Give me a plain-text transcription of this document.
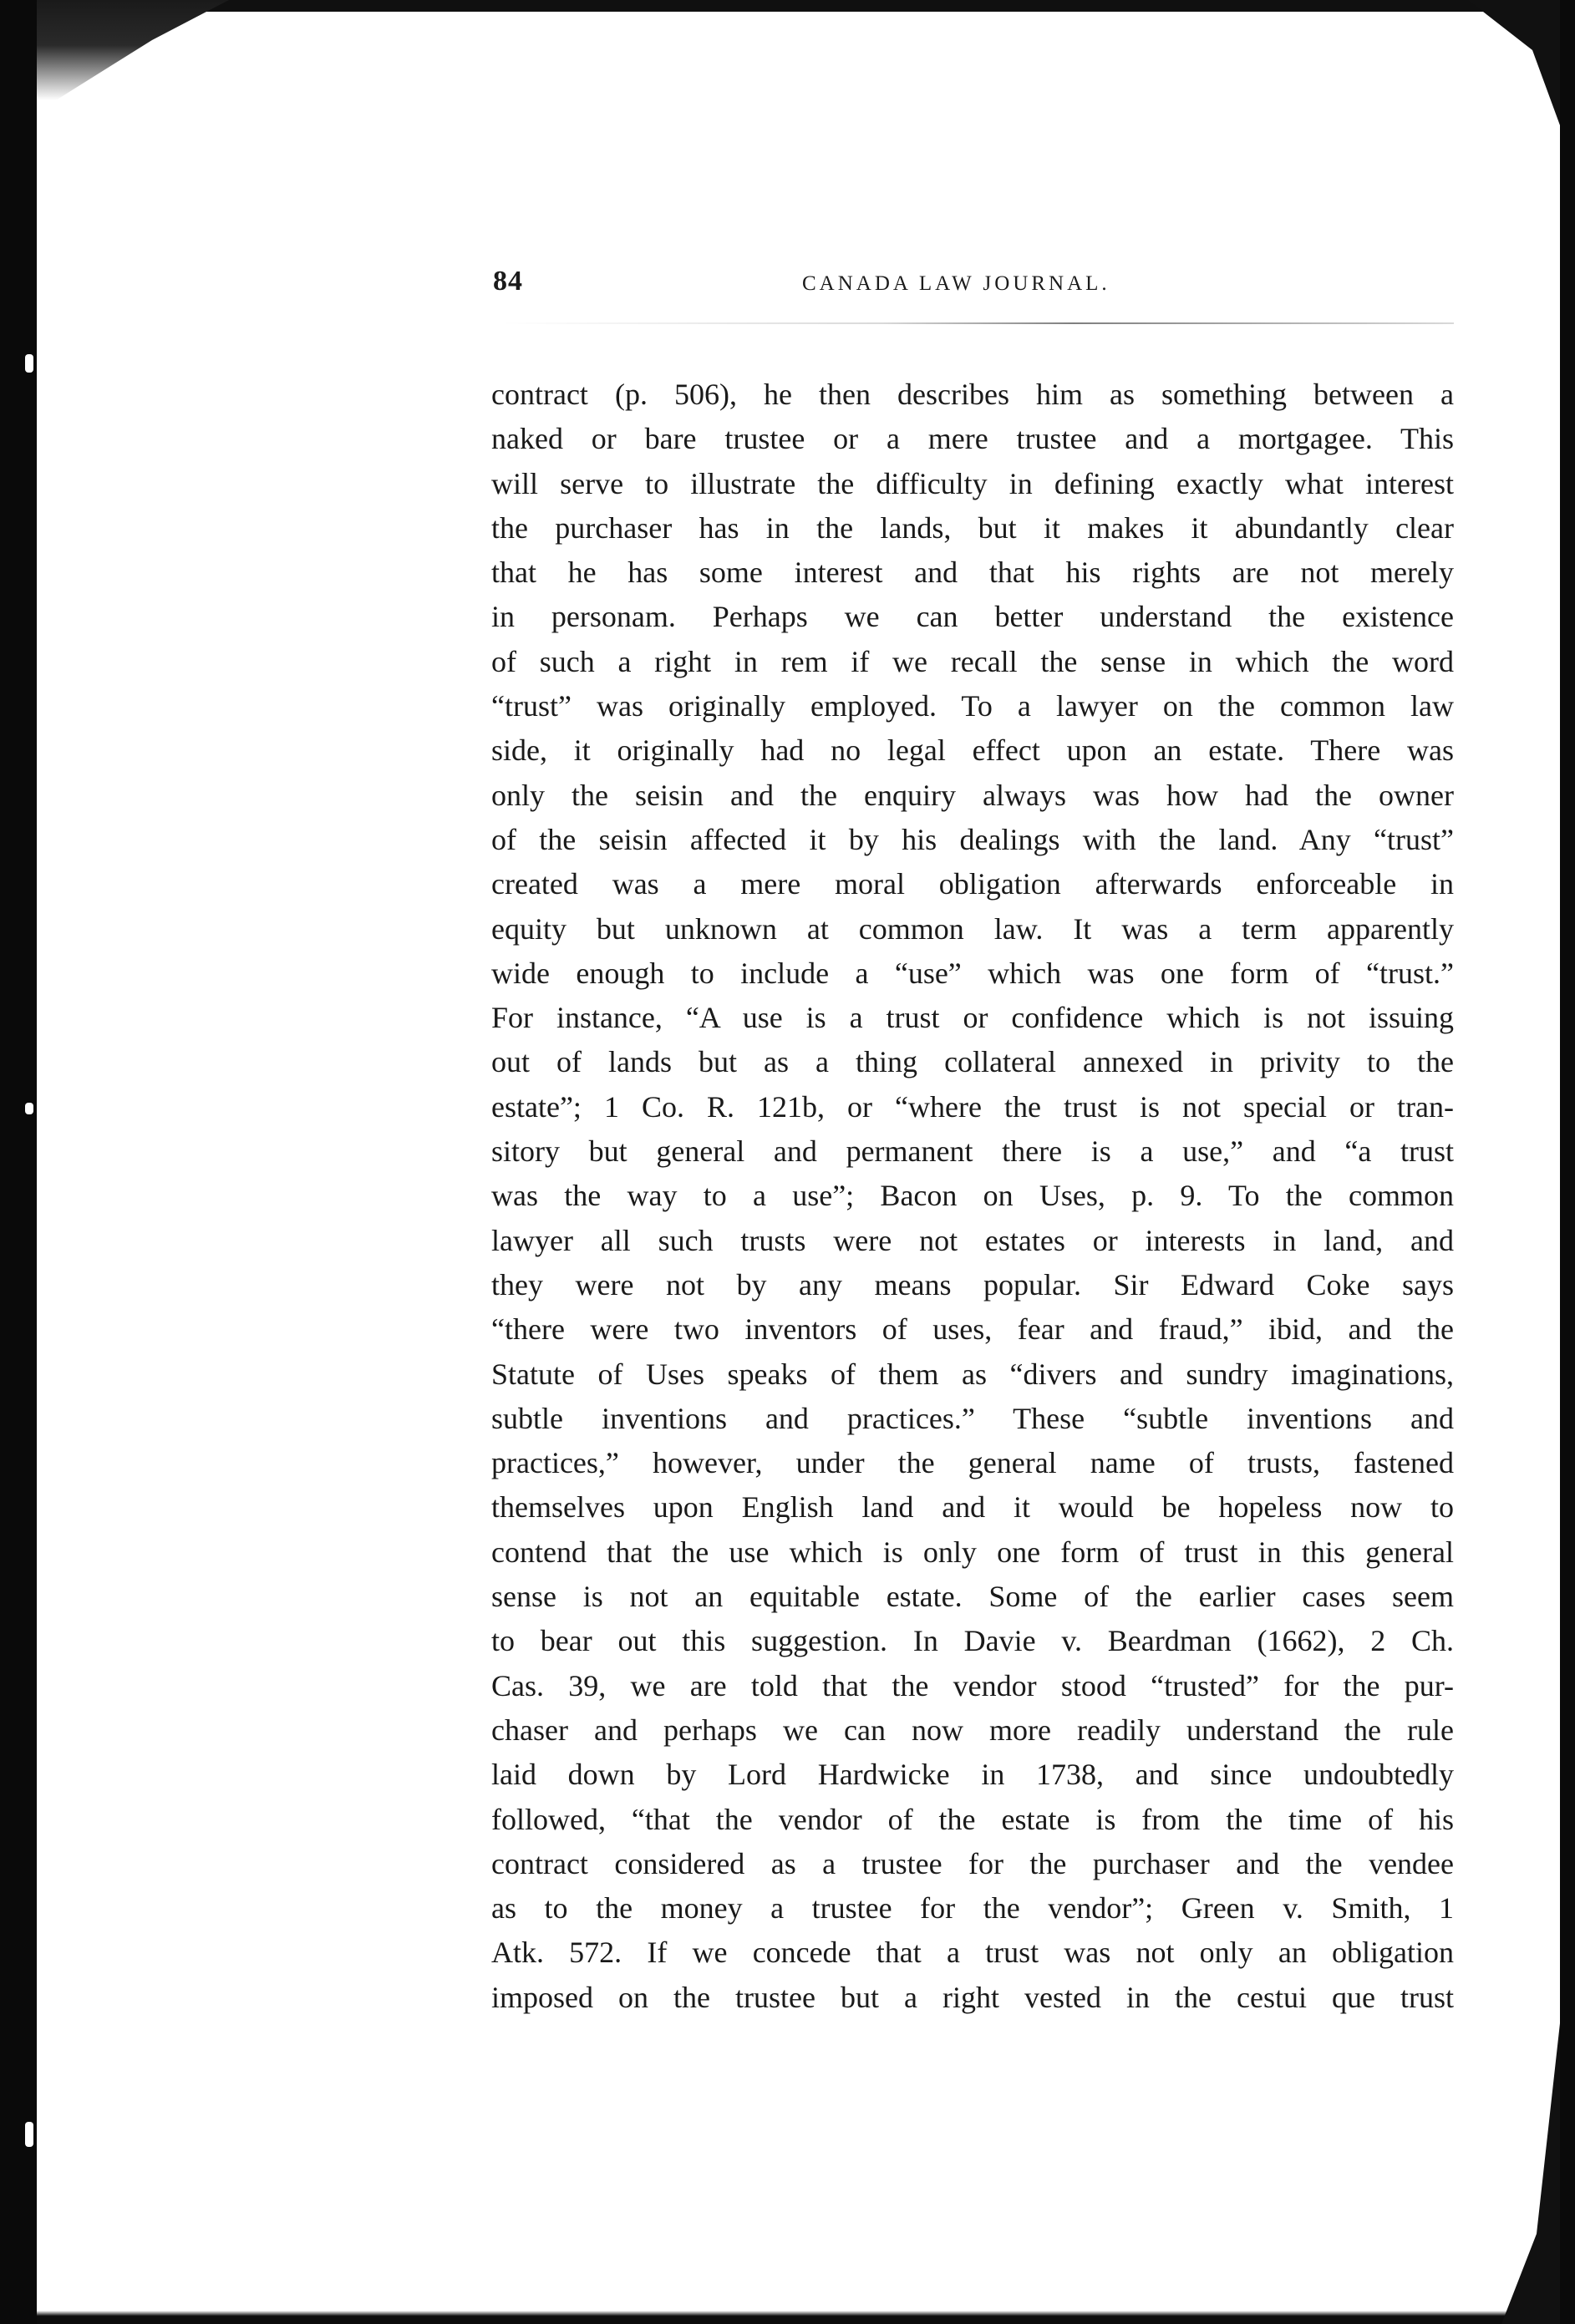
84	CANADA LAW JOURNAL.
contract (p. 506), he then describes him as something between a
naked or bare trustee or a mere trustee and a mortgagee. This
will serve to illustrate the difficulty in defining exactly what interest
the purchaser has in the lands, but it makes it abundantly clear
that he has some interest and that his rights are not merely
in personam. Perhaps we can better understand the existence
of such a right in rem if we recall the sense in which the word
“trust” was originally employed. To a lawyer on the common law
side, it originally had no legal effect upon an estate. There was
only the seisin and the enquiry always was how had the owner
of the seisin affected it by his dealings with the land. Any “trust”
created was a mere moral obligation afterwards enforceable in
equity but unknown at common law. It was a term apparently
wide enough to include a “use” which was one form of “trust.”
For instance, “A use is a trust or confidence which is not issuing
out of lands but as a thing collateral annexed in privity to the
estate”; 1 Co. R. 121b, or “where the trust is not special or tran-
sitory but general and permanent there is a use,” and “a trust
was the way to a use”; Bacon on Uses, p. 9. To the common
lawyer all such trusts were not estates or interests in land, and
they were not by any means popular. Sir Edward Coke says
“there were two inventors of uses, fear and fraud,” ibid, and the
Statute of Uses speaks of them as “divers and sundry imaginations,
subtle inventions and practices.” These “subtle inventions and
practices,” however, under the general name of trusts, fastened
themselves upon English land and it would be hopeless now to
contend that the use which is only one form of trust in this general
sense is not an equitable estate. Some of the earlier cases seem
to bear out this suggestion. In Davie v. Beardman (1662), 2 Ch.
Cas. 39, we are told that the vendor stood “trusted” for the pur-
chaser and perhaps we can now more readily understand the rule
laid down by Lord Hardwicke in 1738, and since undoubtedly
followed, “that the vendor of the estate is from the time of his
contract considered as a trustee for the purchaser and the vendee
as to the money a trustee for the vendor”; Green v. Smith, 1
Atk. 572. If we concede that a trust was not only an obligation
imposed on the trustee but a right vested in the cestui que trust
